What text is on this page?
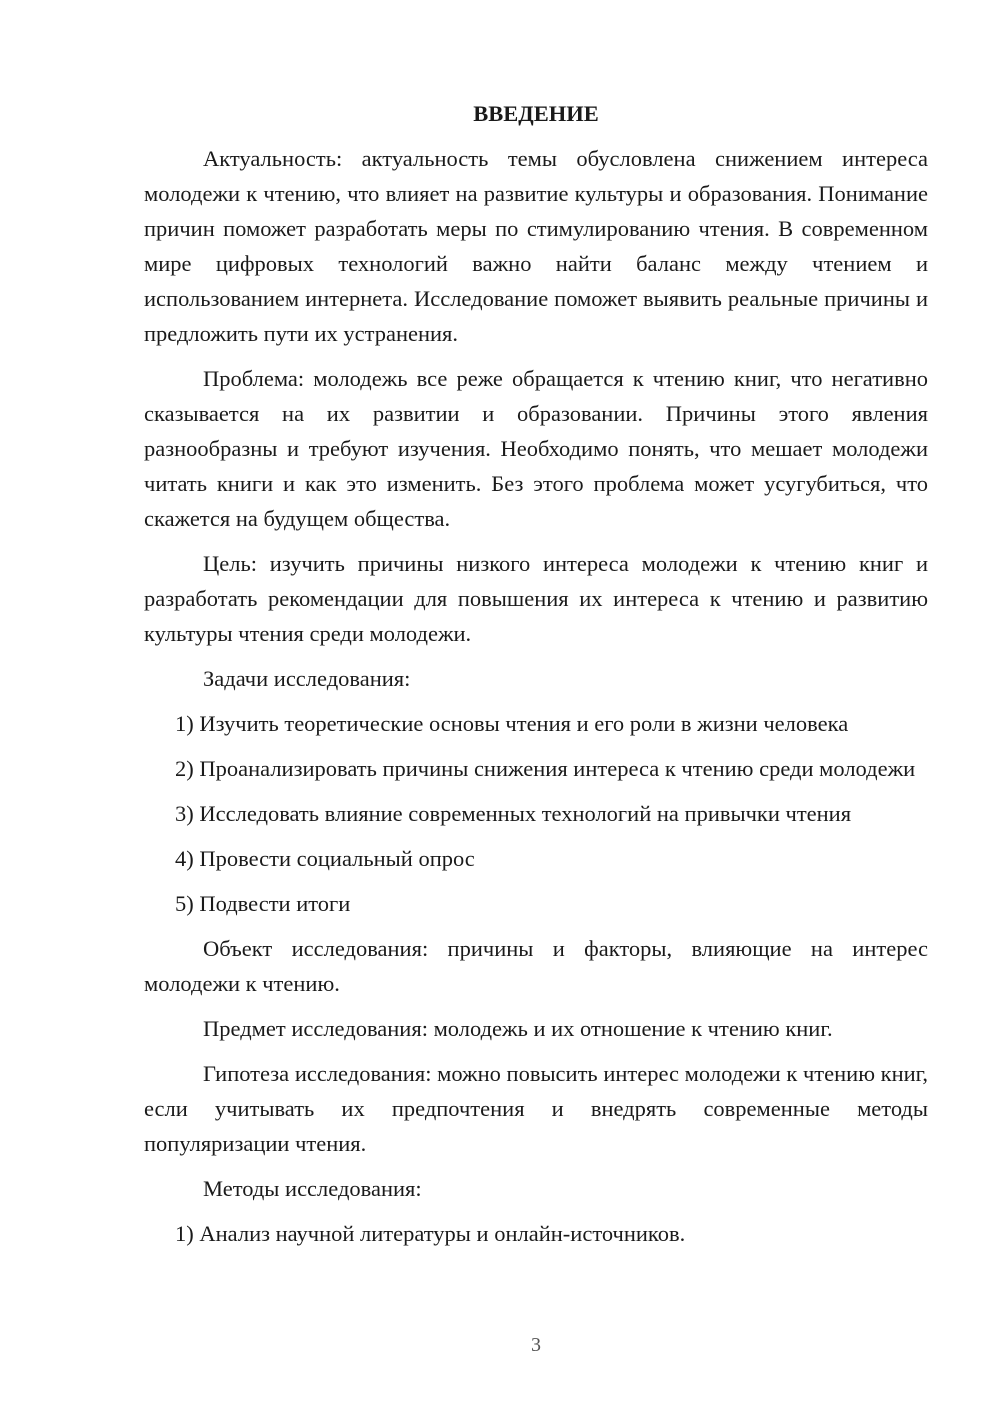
ВВЕДЕНИЕ

Актуальность: актуальность темы обусловлена снижением интереса молодежи к чтению, что влияет на развитие культуры и образования. Понимание причин поможет разработать меры по стимулированию чтения. В современном мире цифровых технологий важно найти баланс между чтением и использованием интернета. Исследование поможет выявить реальные причины и предложить пути их устранения.

Проблема: молодежь все реже обращается к чтению книг, что негативно сказывается на их развитии и образовании. Причины этого явления разнообразны и требуют изучения. Необходимо понять, что мешает молодежи читать книги и как это изменить. Без этого проблема может усугубиться, что скажется на будущем общества.

Цель: изучить причины низкого интереса молодежи к чтению книг и разработать рекомендации для повышения их интереса к чтению и развитию культуры чтения среди молодежи.

Задачи исследования:

1) Изучить теоретические основы чтения и его роли в жизни человека

2) Проанализировать причины снижения интереса к чтению среди молодежи

3) Исследовать влияние современных технологий на привычки чтения

4) Провести социальный опрос

5) Подвести итоги

Объект исследования: причины и факторы, влияющие на интерес молодежи к чтению.

Предмет исследования: молодежь и их отношение к чтению книг.

Гипотеза исследования: можно повысить интерес молодежи к чтению книг, если учитывать их предпочтения и внедрять современные методы популяризации чтения.

Методы исследования:

1) Анализ научной литературы и онлайн-источников.

3
